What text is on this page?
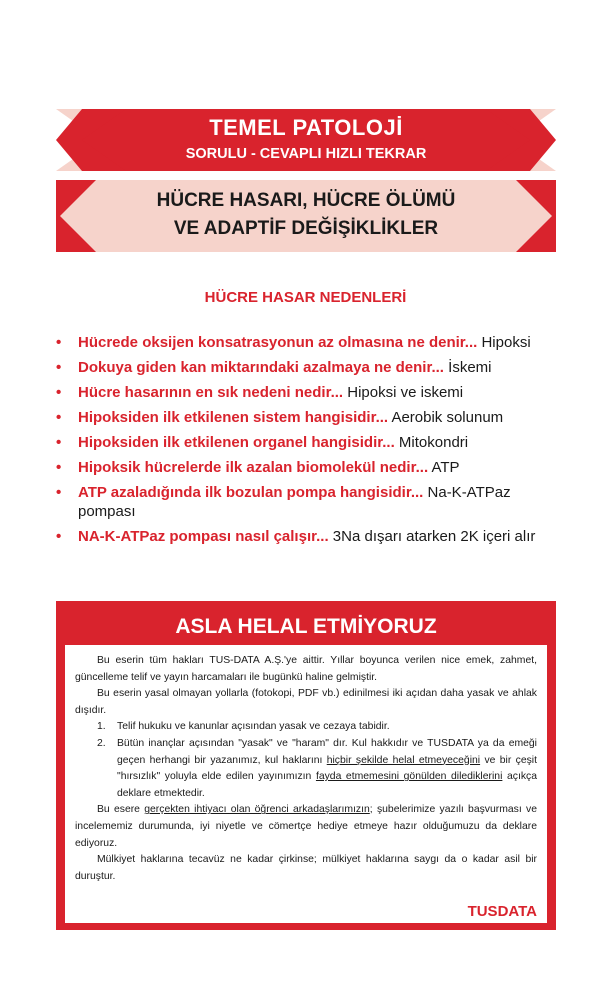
TEMEL PATOLOJİ
SORULU - CEVAPLI HIZLI TEKRAR
HÜCRE HASARI, HÜCRE ÖLÜMÜ
VE ADAPTİF DEĞİŞİKLİKLER
HÜCRE HASAR NEDENLERİ
• Hücrede oksijen konsatrasyonun az olmasına ne denir... Hipoksi
• Dokuya giden kan miktarındaki azalmaya ne denir... İskemi
• Hücre hasarının en sık nedeni nedir... Hipoksi ve iskemi
• Hipoksiden ilk etkilenen sistem hangisidir... Aerobik solunum
• Hipoksiden ilk etkilenen organel hangisidir... Mitokondri
• Hipoksik hücrelerde ilk azalan biomolekül nedir... ATP
• ATP azaladığında ilk bozulan pompa hangisidir... Na-K-ATPaz pompası
• NA-K-ATPaz pompası nasıl çalışır... 3Na dışarı atarken 2K içeri alır
ASLA HELAL ETMİYORUZ

Bu eserin tüm hakları TUS-DATA A.Ş.'ye aittir. Yıllar boyunca verilen nice emek, zahmet, güncelleme telif ve yayın harcamaları ile bugünkü haline gelmiştir.

Bu eserin yasal olmayan yollarla (fotokopi, PDF vb.) edinilmesi iki açıdan daha yasak ve ahlak dışıdır.

1. Telif hukuku ve kanunlar açısından yasak ve cezaya tabidir.
2. Bütün inançlar açısından "yasak" ve "haram" dır. Kul hakkıdır ve TUSDATA ya da emeği geçen herhangi bir yazanımız, kul haklarını hiçbir şekilde helal etmeyeceğini ve bir çeşit "hırsızlık" yoluyla elde edilen yayınımızın fayda etmemesini gönülden dilediklerini açıkça deklare etmektedir.

Bu esere gerçekten ihtiyacı olan öğrenci arkadaşlarımızın; şubelerimize yazılı başvurması ve incelememiz durumunda, iyi niyetle ve cömertçe hediye etmeye hazır olduğumuzu da deklare ediyoruz.

Mülkiyet haklarına tecavüz ne kadar çirkinse; mülkiyet haklarına saygı da o kadar asil bir duruştur.

TUSDATA
